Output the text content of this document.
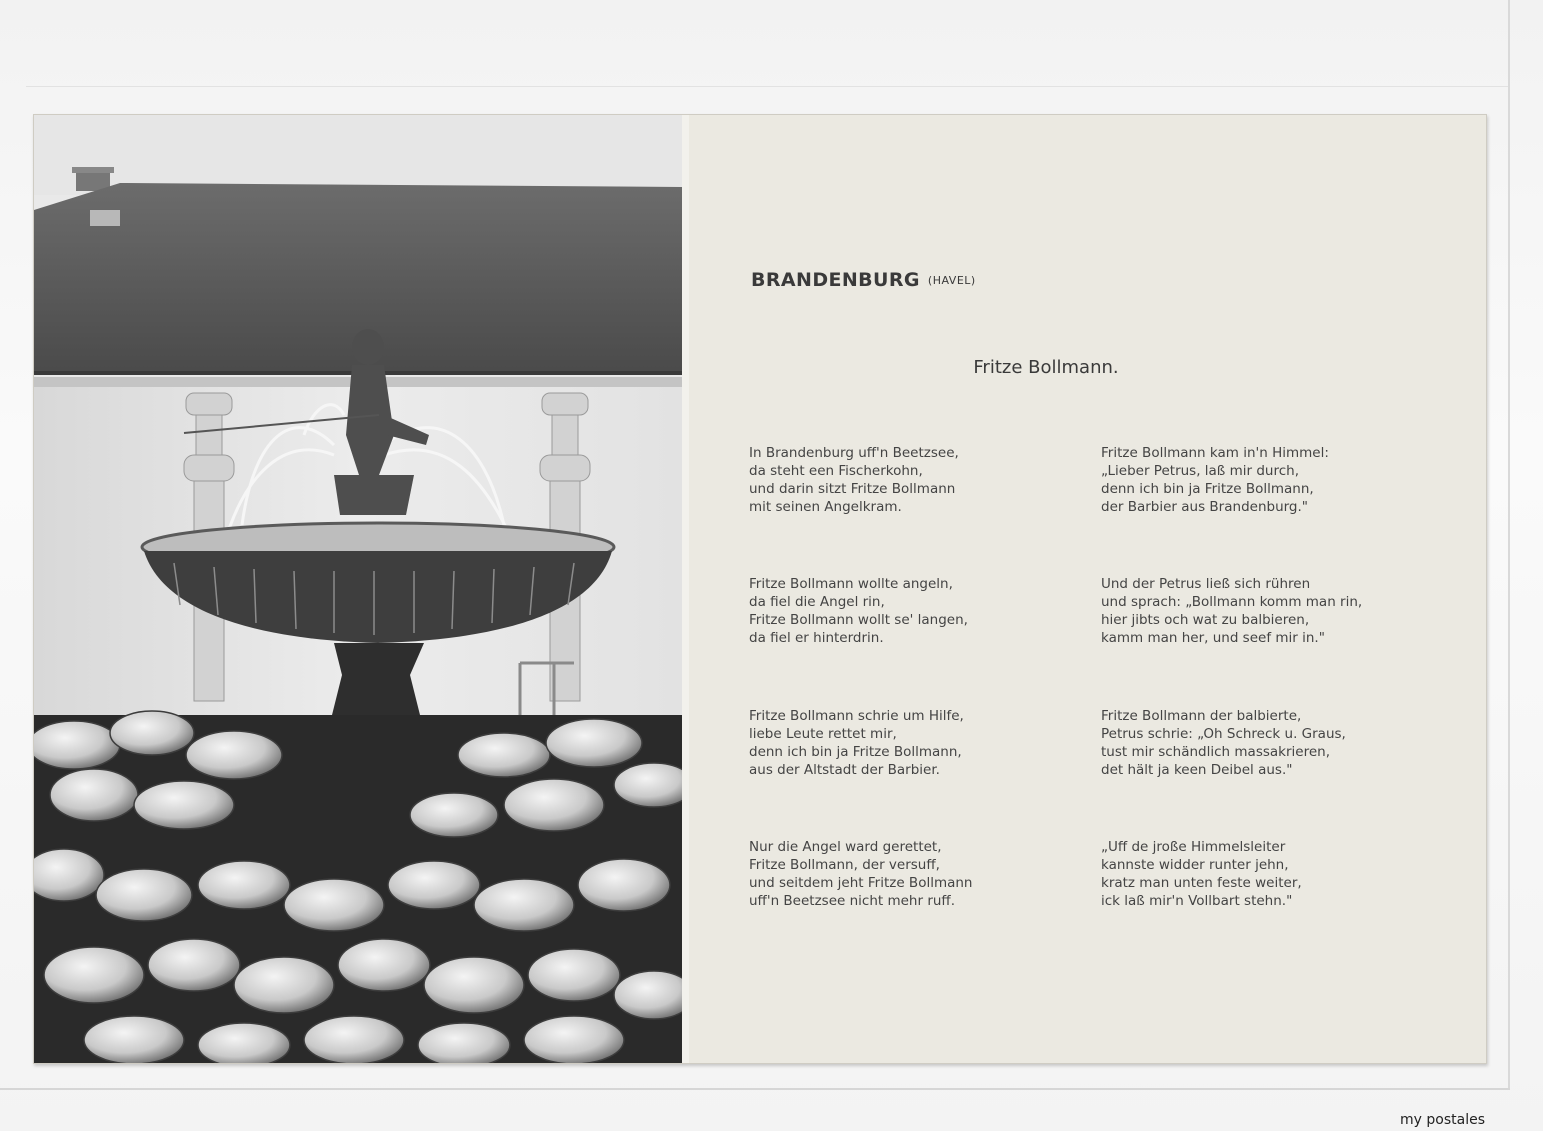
BRANDENBURG (HAVEL)
Fritze Bollmann.
In Brandenburg uff'n Beetzsee,
da steht een Fischerkohn,
und darin sitzt Fritze Bollmann
mit seinen Angelkram.
Fritze Bollmann wollte angeln,
da fiel die Angel rin,
Fritze Bollmann wollt se' langen,
da fiel er hinterdrin.
Fritze Bollmann schrie um Hilfe,
liebe Leute rettet mir,
denn ich bin ja Fritze Bollmann,
aus der Altstadt der Barbier.
Nur die Angel ward gerettet,
Fritze Bollmann, der versuff,
und seitdem jeht Fritze Bollmann
uff'n Beetzsee nicht mehr ruff.
Fritze Bollmann kam in'n Himmel:
„Lieber Petrus, laß mir durch,
denn ich bin ja Fritze Bollmann,
der Barbier aus Brandenburg."
Und der Petrus ließ sich rühren
und sprach: „Bollmann komm man rin,
hier jibts och wat zu balbieren,
kamm man her, und seef mir in."
Fritze Bollmann der balbierte,
Petrus schrie: „Oh Schreck u. Graus,
tust mir schändlich massakrieren,
det hält ja keen Deibel aus."
„Uff de jroße Himmelsleiter
kannste widder runter jehn,
kratz man unten feste weiter,
ick laß mir'n Vollbart stehn."
my postales
